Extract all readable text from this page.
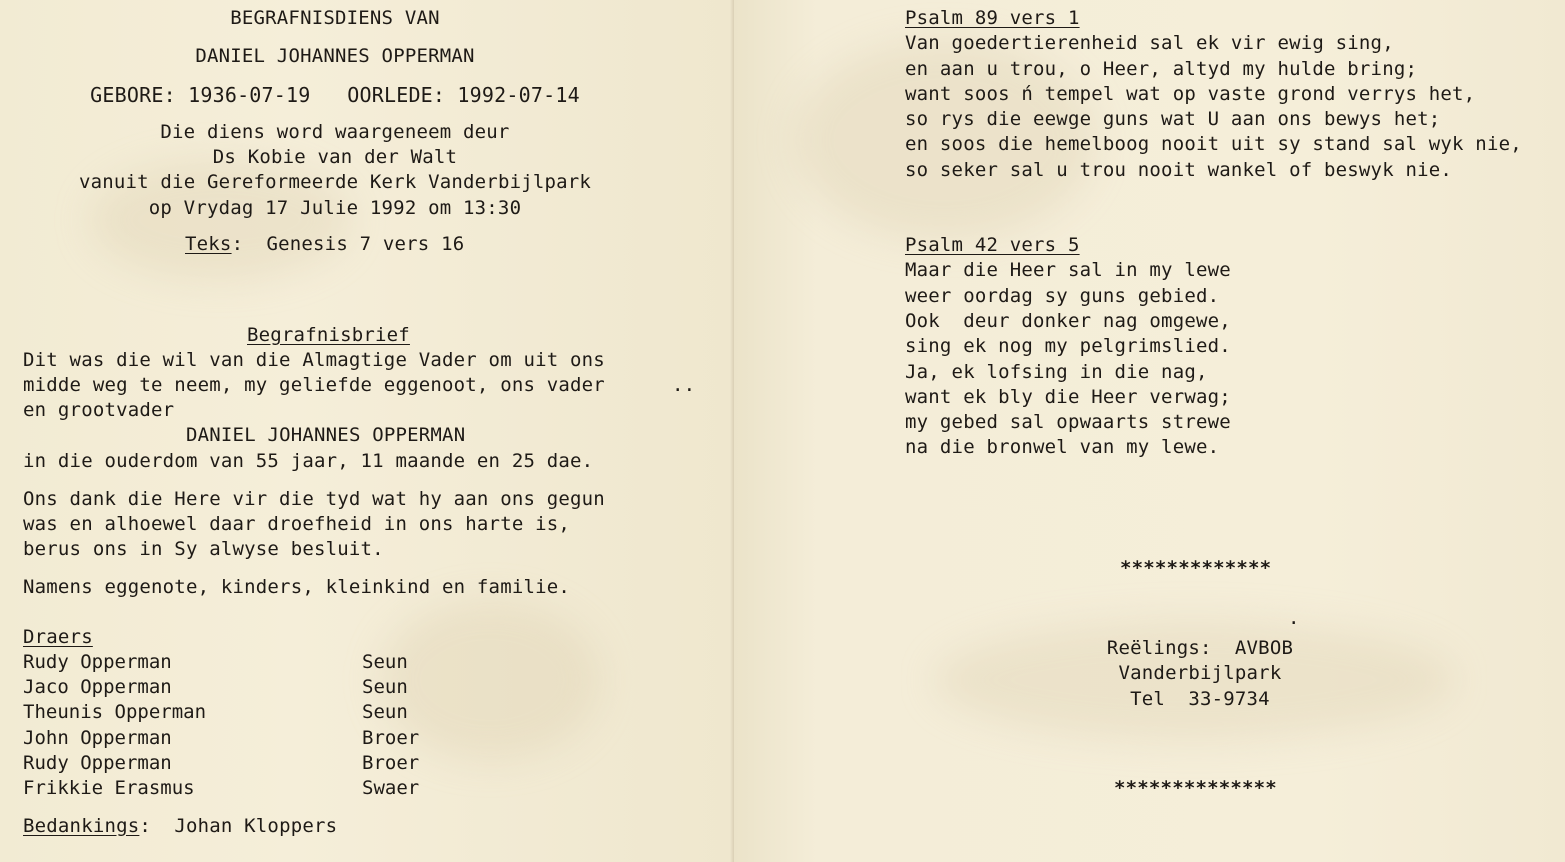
BEGRAFNISDIENS VAN
DANIEL JOHANNES OPPERMAN
GEBORE: 1936-07-19   OORLEDE: 1992-07-14
Die diens word waargeneem deur
Ds Kobie van der Walt
vanuit die Gereformeerde Kerk Vanderbijlpark
op Vrydag 17 Julie 1992 om 13:30
Teks: Genesis 7 vers 16
Begrafnisbrief
Dit was die wil van die Almagtige Vader om uit ons
midde weg te neem, my geliefde eggenoot, ons vader	..
en grootvader
DANIEL JOHANNES OPPERMAN
in die ouderdom van 55 jaar, 11 maande en 25 dae.
Ons dank die Here vir die tyd wat hy aan ons gegun
was en alhoewel daar droefheid in ons harte is,
berus ons in Sy alwyse besluit.
Namens eggenote, kinders, kleinkind en familie.
Draers
Rudy Opperman	Seun
Jaco Opperman	Seun
Theunis Opperman	Seun
John Opperman	Broer
Rudy Opperman	Broer
Frikkie Erasmus	Swaer
Bedankings: Johan Kloppers
Psalm 89 vers 1
Van goedertierenheid sal ek vir ewig sing,
en aan u trou, o Heer, altyd my hulde bring;
want soos ń tempel wat op vaste grond verrys het,
so rys die eewge guns wat U aan ons bewys het;
en soos die hemelboog nooit uit sy stand sal wyk nie,
so seker sal u trou nooit wankel of beswyk nie.
Psalm 42 vers 5
Maar die Heer sal in my lewe
weer oordag sy guns gebied.
Ook  deur donker nag omgewe,
sing ek nog my pelgrimslied.
Ja, ek lofsing in die nag,
want ek bly die Heer verwag;
my gebed sal opwaarts strewe
na die bronwel van my lewe.
*************
.
Reëlings:  AVBOB
Vanderbijlpark
Tel  33-9734
**************
